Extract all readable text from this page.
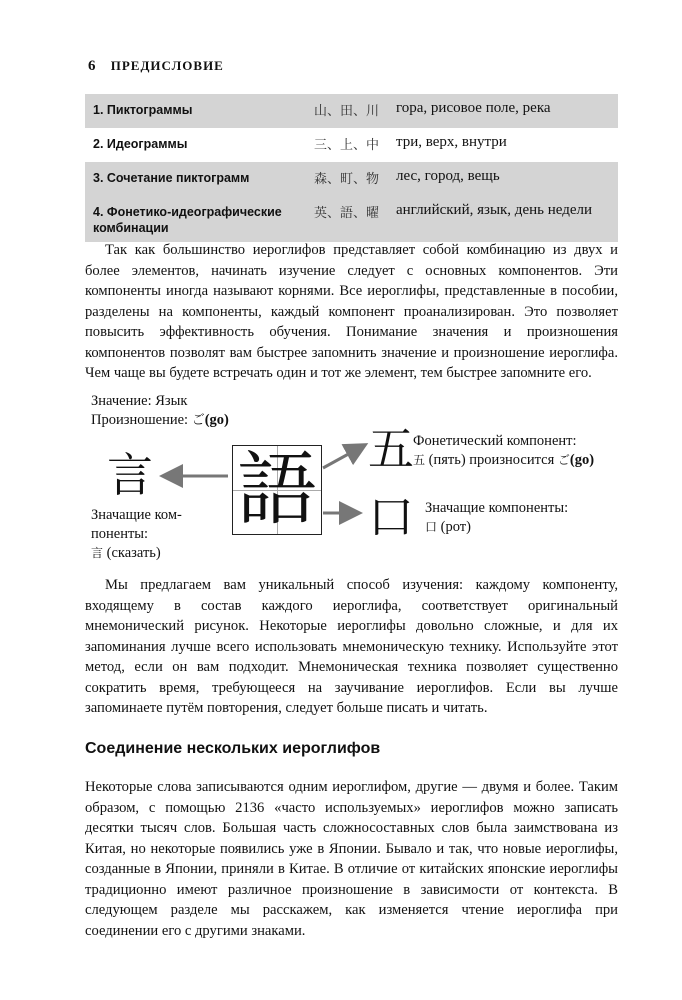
6 ПРЕДИСЛОВИЕ
1. Пиктограммы	山、田、川	гора, рисовое поле, река
2. Идеограммы	三、上、中	три, верх, внутри
3. Сочетание пиктограмм	森、町、物	лес, город, вещь
4. Фонетико-идеографические комбинации	英、語、曜	английский, язык, день недели

Так как большинство иероглифов представляет собой комбинацию из двух и более элементов, начинать изучение следует с основных компонентов. Эти компоненты иногда называют корнями. Все иероглифы, представленные в пособии, разделены на компоненты, каждый компонент проанализирован. Это позволяет повысить эффективность обучения. Понимание значения и произношения компонентов позволят вам быстрее запомнить значение и произношение иероглифа. Чем чаще вы будете встречать один и тот же элемент, тем быстрее запомните его.

Значение: Язык
Произношение: ご(go)
言 語 五
口
Фонетический компонент:
五 (пять) произносится ご(go)
Значащие компоненты:
口 (рот)
Значащие ком-
поненты:
言 (сказать)

Мы предлагаем вам уникальный способ изучения: каждому компоненту, входящему в состав каждого иероглифа, соответствует оригинальный мнемонический рисунок. Некоторые иероглифы довольно сложные, и для их запоминания лучше всего использовать мнемоническую технику. Используйте этот метод, если он вам подходит. Мнемоническая техника позволяет существенно сократить время, требующееся на заучивание иероглифов. Если вы лучше запоминаете путём повторения, следует больше писать и читать.

Соединение нескольких иероглифов

Некоторые слова записываются одним иероглифом, другие — двумя и более. Таким образом, с помощью 2136 «часто используемых» иероглифов можно записать десятки тысяч слов. Большая часть сложносоставных слов была заимствована из Китая, но некоторые появились уже в Японии. Бывало и так, что новые иероглифы, созданные в Японии, приняли в Китае. В отличие от китайских японские иероглифы традиционно имеют различное произношение в зависимости от контекста. В следующем разделе мы расскажем, как изменяется чтение иероглифа при соединении его с другими знаками.
